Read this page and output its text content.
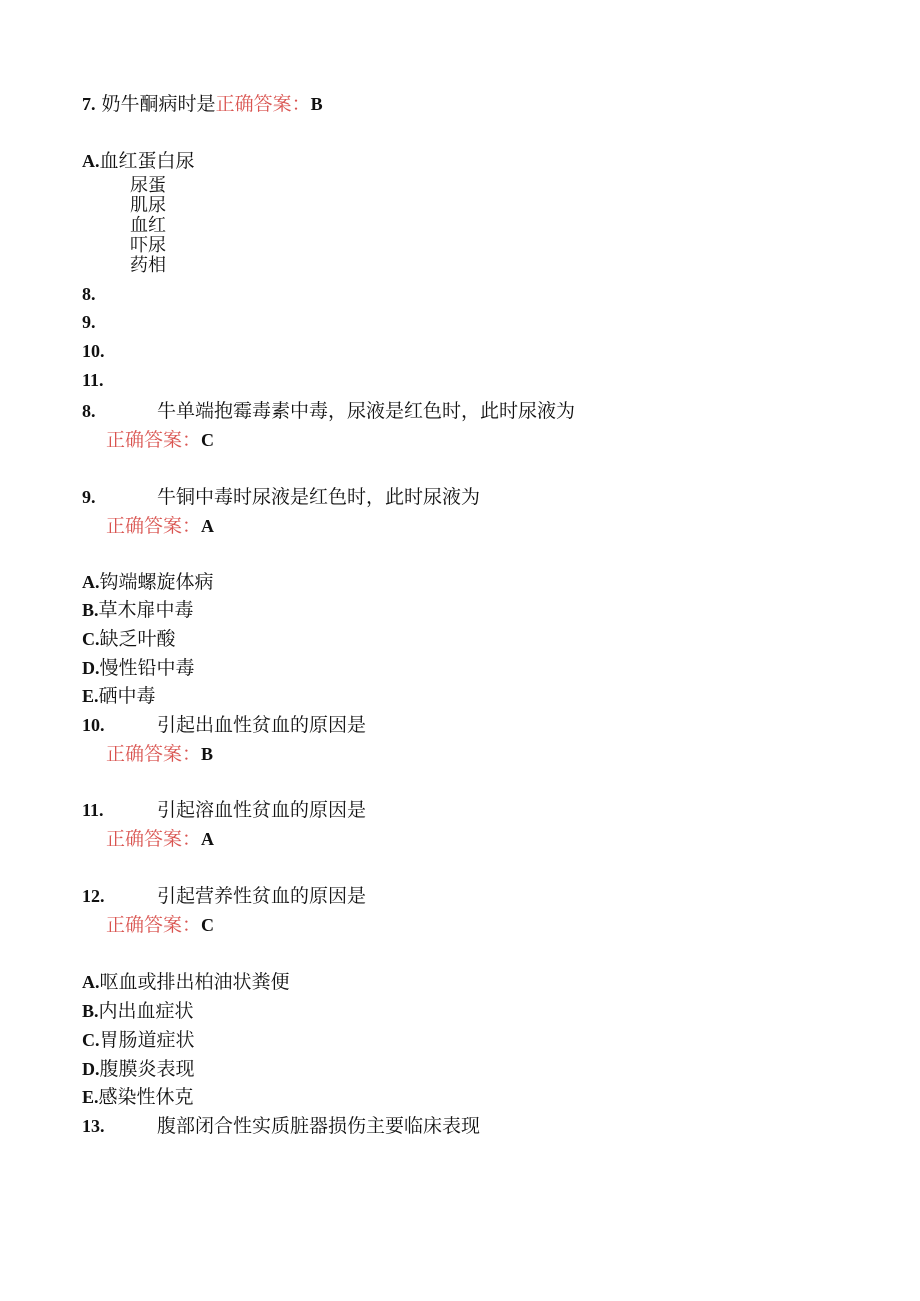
7. 奶牛酮病时是正确答案：B
A.血红蛋白尿
尿蛋
肌尿
血红
吓尿
药相
8.
9.
10.
11.
8.	牛单端抱霉毒素中毒，尿液是红色时，此时尿液为
正确答案：C
9.	牛铜中毒时尿液是红色时，此时尿液为
正确答案：A
A.钩端螺旋体病
B.草木扉中毒
C.缺乏叶酸
D.慢性铅中毒
E.硒中毒
10.	引起出血性贫血的原因是
正确答案：B
11.	引起溶血性贫血的原因是
正确答案：A
12.	引起营养性贫血的原因是
正确答案：C
A.呕血或排出柏油状粪便
B.内出血症状
C.胃肠道症状
D.腹膜炎表现
E.感染性休克
13.	腹部闭合性实质脏器损伤主要临床表现
